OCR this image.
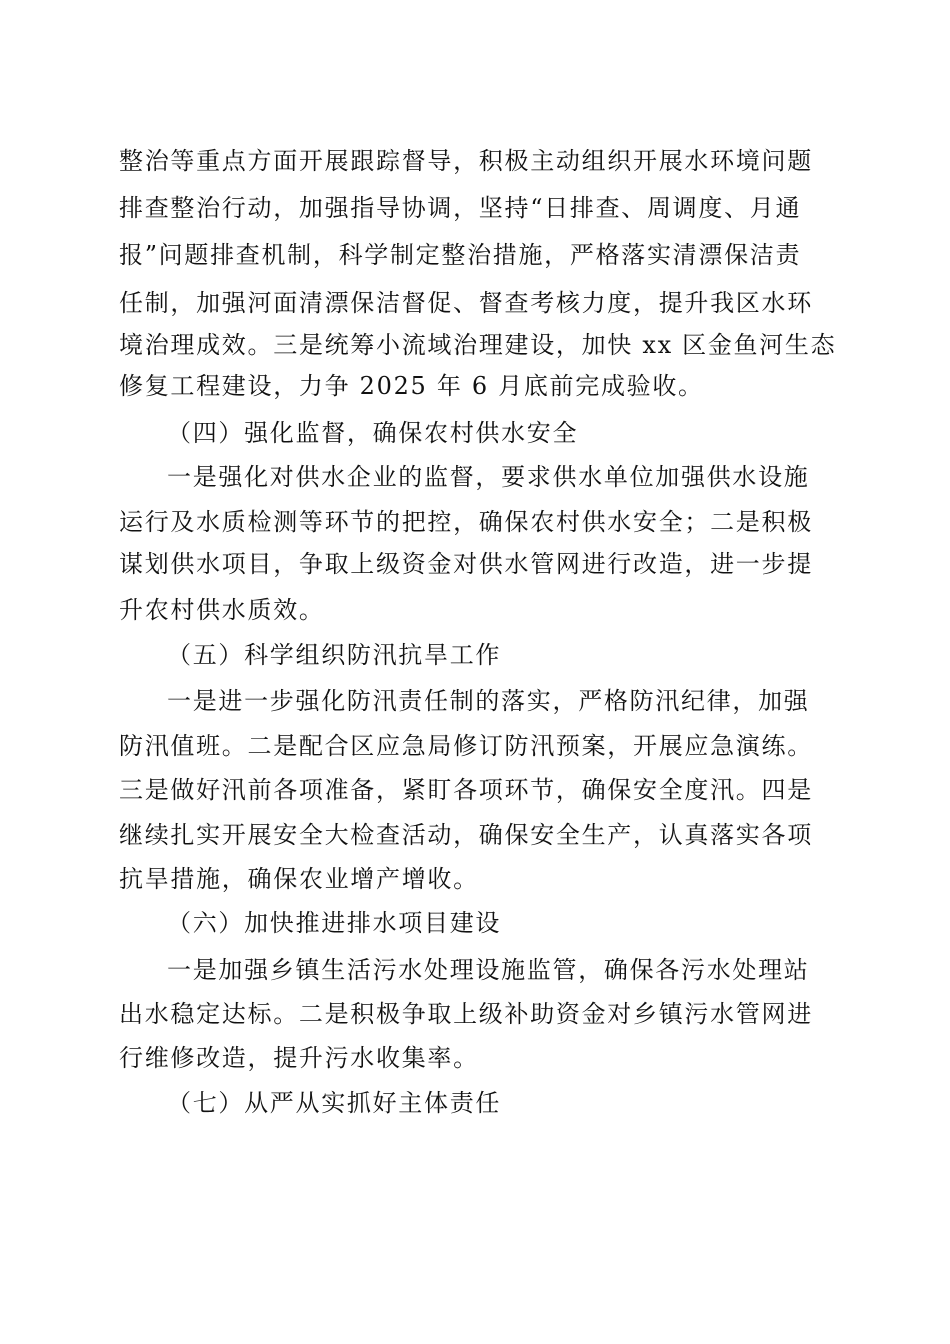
整治等重点方面开展跟踪督导，积极主动组织开展水环境问题
排查整治行动，加强指导协调，坚持“日排查、周调度、月通
报”问题排查机制，科学制定整治措施，严格落实清漂保洁责
任制，加强河面清漂保洁督促、督查考核力度，提升我区水环
境治理成效。三是统筹小流域治理建设，加快 xx 区金鱼河生态
修复工程建设，力争 2025 年 6 月底前完成验收。
（四）强化监督，确保农村供水安全
一是强化对供水企业的监督，要求供水单位加强供水设施
运行及水质检测等环节的把控，确保农村供水安全；二是积极
谋划供水项目，争取上级资金对供水管网进行改造，进一步提
升农村供水质效。
（五）科学组织防汛抗旱工作
一是进一步强化防汛责任制的落实，严格防汛纪律，加强
防汛值班。二是配合区应急局修订防汛预案，开展应急演练。
三是做好汛前各项准备，紧盯各项环节，确保安全度汛。四是
继续扎实开展安全大检查活动，确保安全生产，认真落实各项
抗旱措施，确保农业增产增收。
（六）加快推进排水项目建设
一是加强乡镇生活污水处理设施监管，确保各污水处理站
出水稳定达标。二是积极争取上级补助资金对乡镇污水管网进
行维修改造，提升污水收集率。
（七）从严从实抓好主体责任
